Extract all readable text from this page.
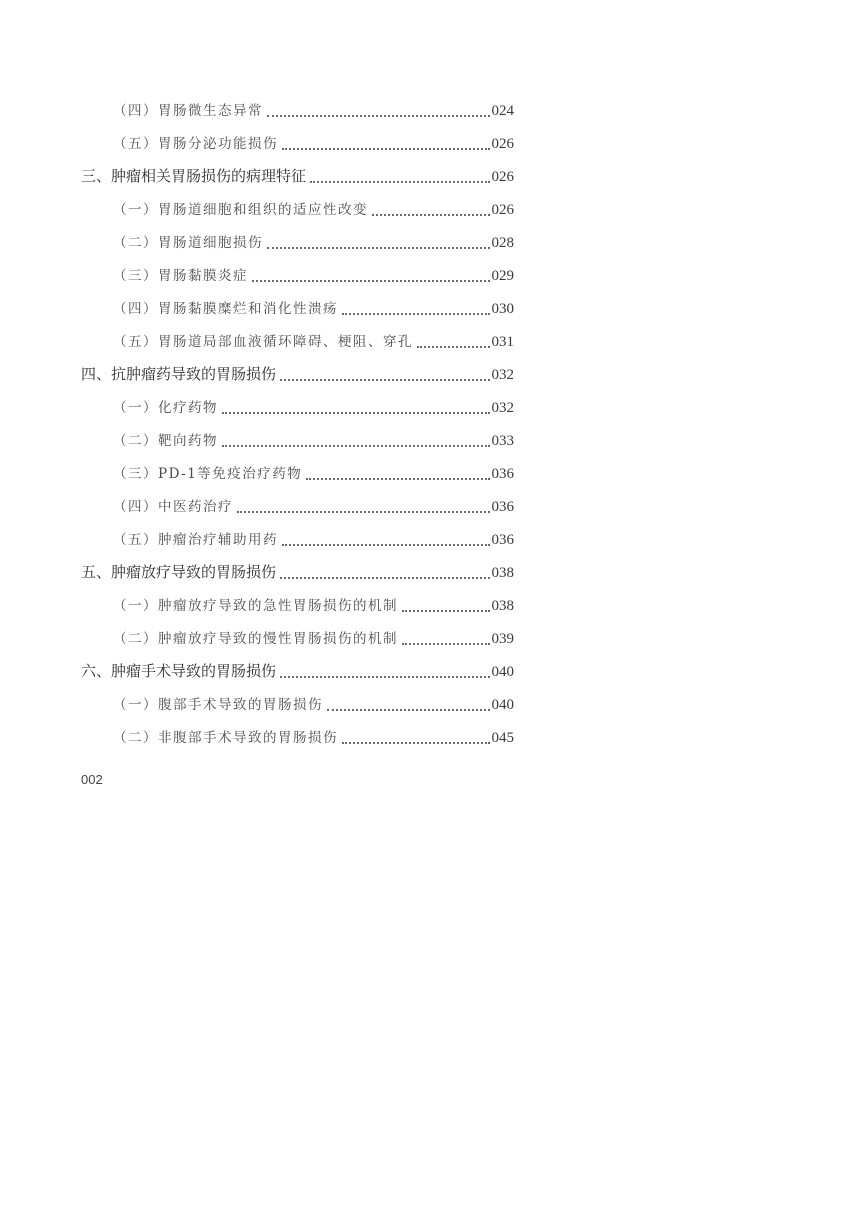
（四）胃肠微生态异常	024
（五）胃肠分泌功能损伤	026
三、肿瘤相关胃肠损伤的病理特征	026
（一）胃肠道细胞和组织的适应性改变	026
（二）胃肠道细胞损伤	028
（三）胃肠黏膜炎症	029
（四）胃肠黏膜糜烂和消化性溃疡	030
（五）胃肠道局部血液循环障碍、梗阻、穿孔	031
四、抗肿瘤药导致的胃肠损伤	032
（一）化疗药物	032
（二）靶向药物	033
（三）PD-1等免疫治疗药物	036
（四）中医药治疗	036
（五）肿瘤治疗辅助用药	036
五、肿瘤放疗导致的胃肠损伤	038
（一）肿瘤放疗导致的急性胃肠损伤的机制	038
（二）肿瘤放疗导致的慢性胃肠损伤的机制	039
六、肿瘤手术导致的胃肠损伤	040
（一）腹部手术导致的胃肠损伤	040
（二）非腹部手术导致的胃肠损伤	045
002
